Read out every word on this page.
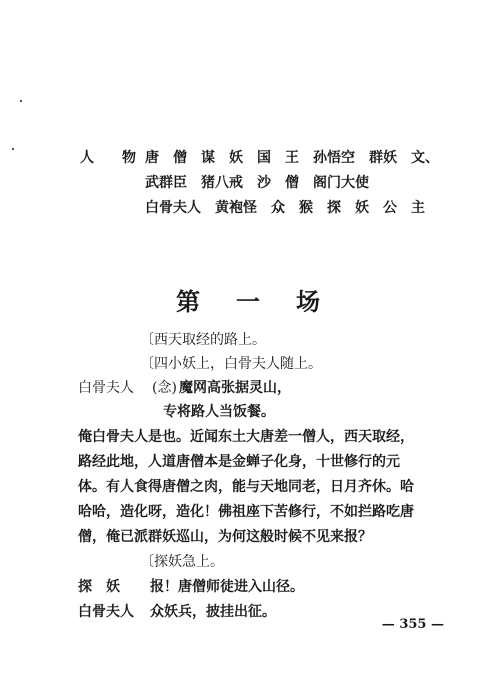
人　　物 唐　僧　谋　妖　国　王　孙悟空　群妖　文、
武群臣　猪八戒　沙　僧　阁门大使
白骨夫人　黄袍怪　众　猴　探　妖　公　主
第　一　场
〔西天取经的路上。
〔四小妖上，白骨夫人随上。
白骨夫人 (念) 魔网高张据灵山，
专将路人当饭餐。
俺白骨夫人是也。近闻东土大唐差一僧人，西天取经，
路经此地，人道唐僧本是金蝉子化身，十世修行的元
体。有人食得唐僧之肉，能与天地同老，日月齐休。哈
哈哈，造化呀，造化！佛祖座下苦修行，不如拦路吃唐
僧，俺已派群妖巡山，为何这般时候不见来报？
〔探妖急上。
探　妖 报！唐僧师徒进入山径。
白骨夫人 众妖兵，披挂出征。
— 355 —
